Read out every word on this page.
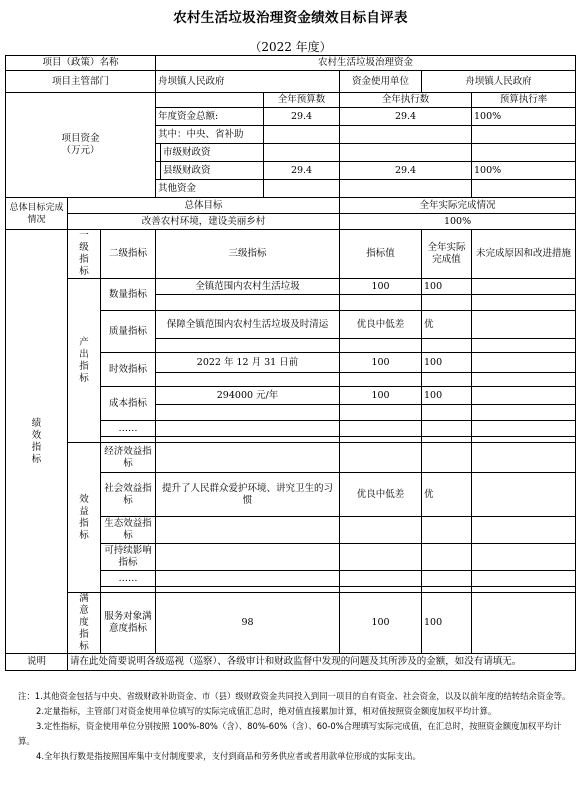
农村生活垃圾治理资金绩效目标自评表
（2022 年度）
项目（政策）名称			农村生活垃圾治理资金					
项目主管部门			舟坝镇人民政府			资金使用单位	舟坝镇人民政府	

项目资金
（万元）					全年预算数	全年执行数		预算执行率
			年度资金总额:		29.4	29.4		100%
			其中：中央、省补助					
				市级财政资				
				县级财政资	29.4	29.4		100%
			其他资金					
总体目标完成情况	总体目标					全年实际完成情况		
	改善农村环境，建设美丽乡村					100%		
绩效指标	一级指标	二级指标	三级指标			指标值	全年实际完成值	未完成原因和改进措施
	产出指标	数量指标	全镇范围内农村生活垃圾			100	100	

		质量指标	保障全镇范围内农村生活垃圾及时清运			优良中低差	优	

		时效指标	2022 年 12 月 31 日前			100	100	

		成本指标	294000 元/年			100	100	

		……						

	效益指标	经济效益指标						
		社会效益指标	提升了人民群众爱护环境、讲究卫生的习惯			优良中低差	优	
		生态效益指标						
		可持续影响指标						
		……						

	满意度指标	服务对象满意度指标	98			100	100	
说明	请在此处简要说明各级巡视（巡察）、各级审计和财政监督中发现的问题及其所涉及的金额，如没有请填无。							

注：1.其他资金包括与中央、省级财政补助资金、市（县）级财政资金共同投入到同一项目的自有资金、社会资金，以及以前年度的结转结余资金等。

2.定量指标，主管部门对资金使用单位填写的实际完成值汇总时，绝对值直接累加计算，相对值按照资金额度加权平均计算。

3.定性指标，资金使用单位分别按照 100%-80%（含）、80%-60%（含）、60-0%合理填写实际完成值，在汇总时，按照资金额度加权平均计算。

4.全年执行数是指按照国库集中支付制度要求，支付到商品和劳务供应者或者用款单位形成的实际支出。
